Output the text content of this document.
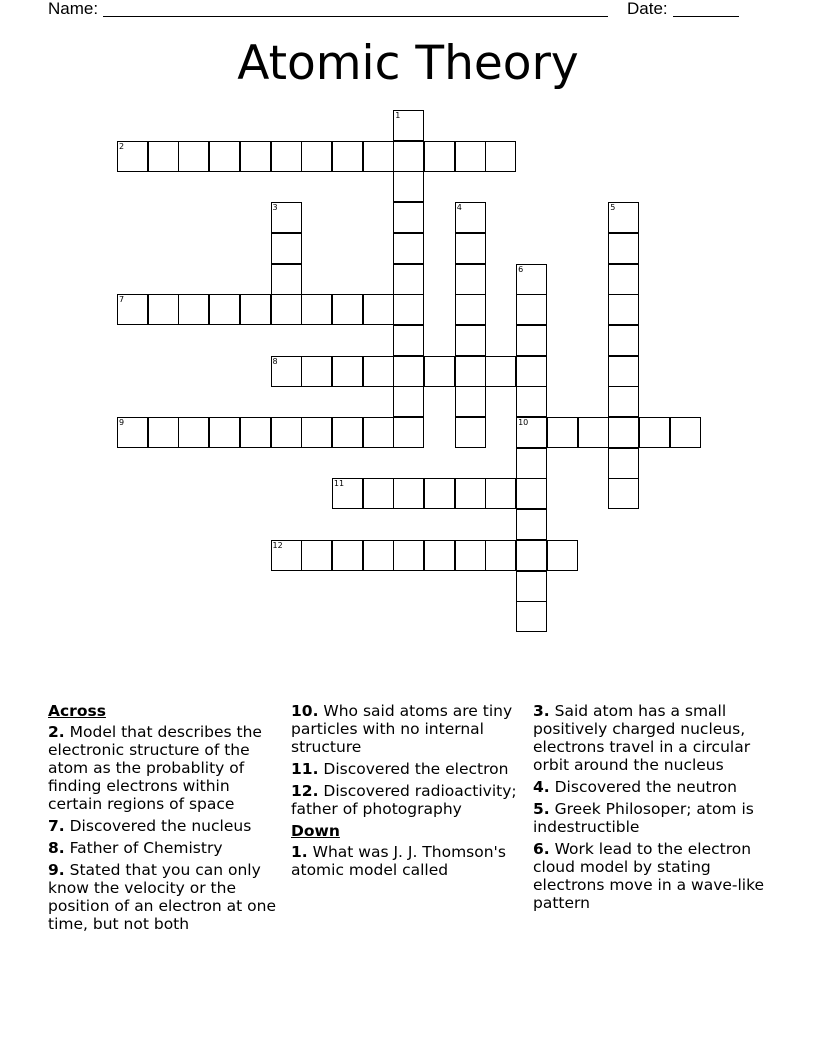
Name:	Date:
Atomic Theory
1
2
3	4	5
6
10
7
8
9
11
12
Across
2. Model that describes the electronic structure of the atom as the probablity of finding electrons within certain regions of space
7. Discovered the nucleus
8. Father of Chemistry
9. Stated that you can only know the velocity or the position of an electron at one time, but not both
10. Who said atoms are tiny particles with no internal structure
11. Discovered the electron
12. Discovered radioactivity; father of photography
Down
1. What was J. J. Thomson's atomic model called
3. Said atom has a small positively charged nucleus, electrons travel in a circular orbit around the nucleus
4. Discovered the neutron
5. Greek Philosoper; atom is indestructible
6. Work lead to the electron cloud model by stating electrons move in a wave-like pattern
